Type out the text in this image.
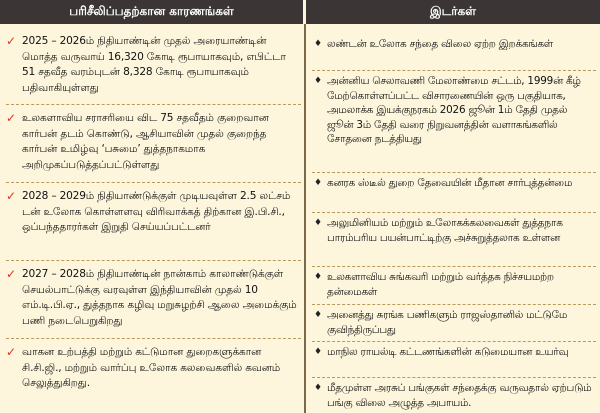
பரிசீலிப்பதற்கான காரணங்கள்	இடர்கள்
✓ 2025 – 2026ம் நிதியாண்டின் முதல் அரையாண்டின் மொத்த வருவாய் 16,320 கோடி ரூபாயாகவும், எபிட்டா 51 சதவீத வரம்புடன் 8,328 கோடி ரூபாயாகவும் பதிவாகியுள்ளது
✓ உலகளாவிய சராசரியை விட 75 சதவீதம் குறைவான கார்பன் தடம் கொண்டு, ஆசியாவின் முதல் குறைந்த கார்பன் உமிழ்வு ‘பசுமை’ துத்தநாகமாக அறிமுகப்படுத்தப்பட்டுள்ளது
✓ 2028 – 2029ம் நிதியாண்டுக்குள் முடியவுள்ள 2.5 லட்சம் டன் உலோக கொள்ளளவு விரிவாக்கத் திற்கான இ.பி.சி., ஒப்பந்ததாரர்கள் இறுதி செய்யப்பட்டனர்
✓ 2027 – 2028ம் நிதியாண்டின் நான்காம் காலாண்டுக்குள் செயல்பாட்டுக்கு வரவுள்ள இந்தியாவின் முதல் 10 எம்.டி.பி.ஏ., துத்தநாக கழிவு மறுசுழற்சி ஆலை அமைக்கும் பணி நடைபெறுகிறது
✓ வாகன உற்பத்தி மற்றும் கட்டுமான துறைகளுக்கான சி.சி.ஜி., மற்றும் வார்ப்பு உலோக கலவைகளில் கவனம் செலுத்துகிறது.
♦ லண்டன் உலோக சந்தை விலை ஏற்ற இறக்கங்கள்
♦ அன்னிய செலாவணி மேலாண்மை சட்டம், 1999ன் கீழ் மேற்கொள்ளப்பட்ட விசாரணையின் ஒரு பகுதியாக, அமலாக்க இயக்குநரகம் 2026 ஜூன் 1ம் தேதி முதல் ஜூன் 3ம் தேதி வரை நிறுவனத்தின் வளாகங்களில் சோதனை நடத்தியது
♦ கனரக ஸ்டீல் துறை தேவையின் மீதான சார்புத்தன்மை
♦ அலுமினியம் மற்றும் உலோகக்கலவைகள் துத்தநாக பாரம்பரிய பயன்பாட்டிற்கு அச்சுறுத்தலாக உள்ளன
♦ உலகளாவிய சுங்கவரி மற்றும் வர்த்தக நிச்சயமற்ற தன்மைகள்
♦ அனைத்து சுரங்க பணிகளும் ராஜஸ்தானில் மட்டுமே குவிந்திருப்பது
♦ மாநில ராயல்டி கட்டணங்களின் கடுமையான உயர்வு
♦ மீதமுள்ள அரசுப் பங்குகள் சந்தைக்கு வருவதால் ஏற்படும் பங்கு விலை அழுத்த அபாயம்.
